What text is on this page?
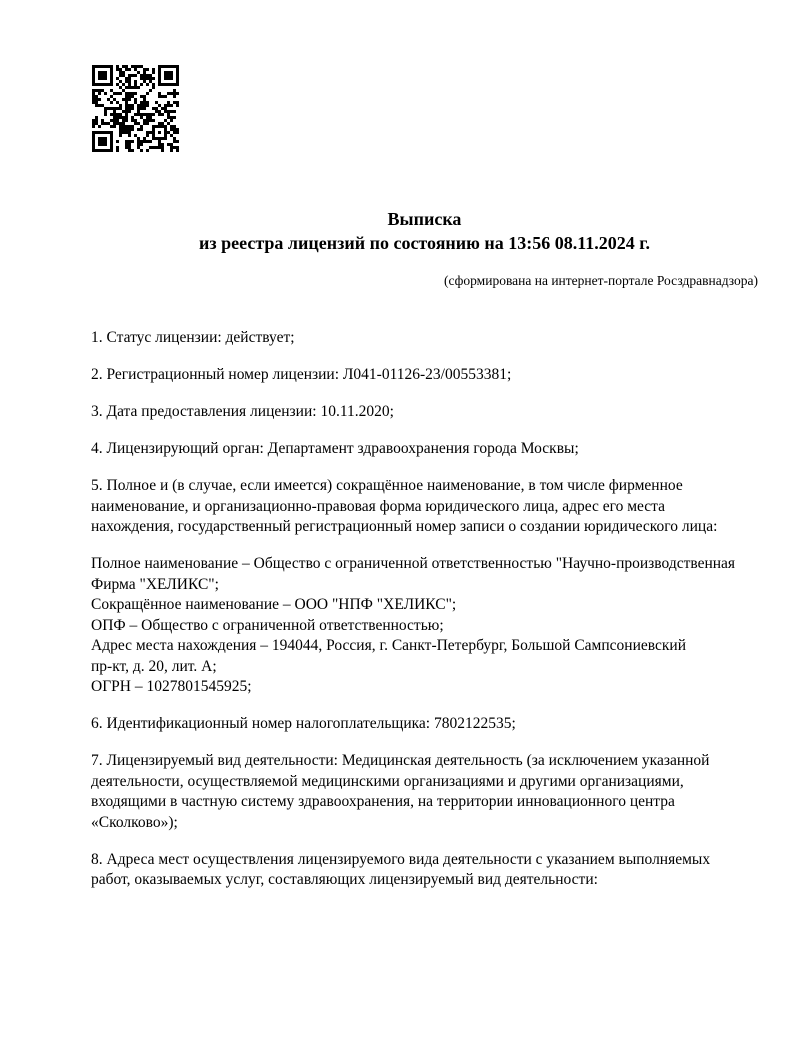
Выписка
из реестра лицензий по состоянию на 13:56 08.11.2024 г.
(сформирована на интернет-портале Росздравнадзора)

1. Статус лицензии: действует;

2. Регистрационный номер лицензии: Л041-01126-23/00553381;

3. Дата предоставления лицензии: 10.11.2020;

4. Лицензирующий орган: Департамент здравоохранения города Москвы;

5. Полное и (в случае, если имеется) сокращённое наименование, в том числе фирменное
наименование, и организационно-правовая форма юридического лица, адрес его места
нахождения, государственный регистрационный номер записи о создании юридического лица:

Полное наименование – Общество с ограниченной ответственностью "Научно-производственная
Фирма "ХЕЛИКС";
Сокращённое наименование – ООО "НПФ "ХЕЛИКС";
ОПФ – Общество с ограниченной ответственностью;
Адрес места нахождения – 194044, Россия, г. Санкт-Петербург, Большой Сампсониевский
пр-кт, д. 20, лит. А;
ОГРН – 1027801545925;

6. Идентификационный номер налогоплательщика: 7802122535;

7. Лицензируемый вид деятельности: Медицинская деятельность (за исключением указанной
деятельности, осуществляемой медицинскими организациями и другими организациями,
входящими в частную систему здравоохранения, на территории инновационного центра
«Сколково»);

8. Адреса мест осуществления лицензируемого вида деятельности с указанием выполняемых
работ, оказываемых услуг, составляющих лицензируемый вид деятельности:
